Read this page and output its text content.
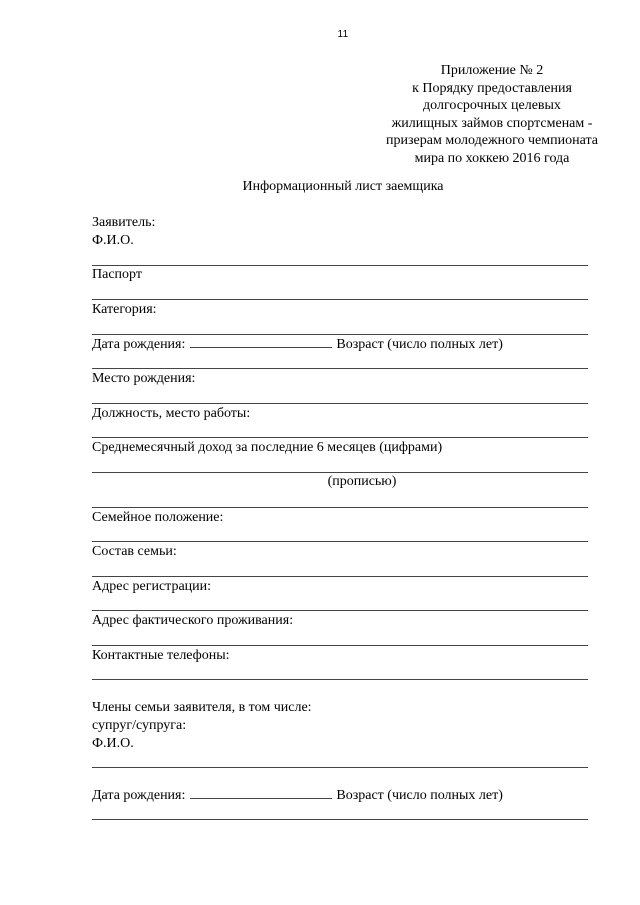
11
Приложение № 2
к Порядку предоставления
долгосрочных целевых
жилищных займов спортсменам -
призерам молодежного чемпионата
мира по хоккею 2016 года
Информационный лист заемщика
Заявитель:
Ф.И.О.
Паспорт
Категория:
Дата рождения:	Возраст (число полных лет)
Место рождения:
Должность, место работы:
Среднемесячный доход за последние 6 месяцев (цифрами)
(прописью)
Семейное положение:
Состав семьи:
Адрес регистрации:
Адрес фактического проживания:
Контактные телефоны:
Члены семьи заявителя, в том числе:
супруг/супруга:
Ф.И.О.
Дата рождения:	Возраст (число полных лет)
